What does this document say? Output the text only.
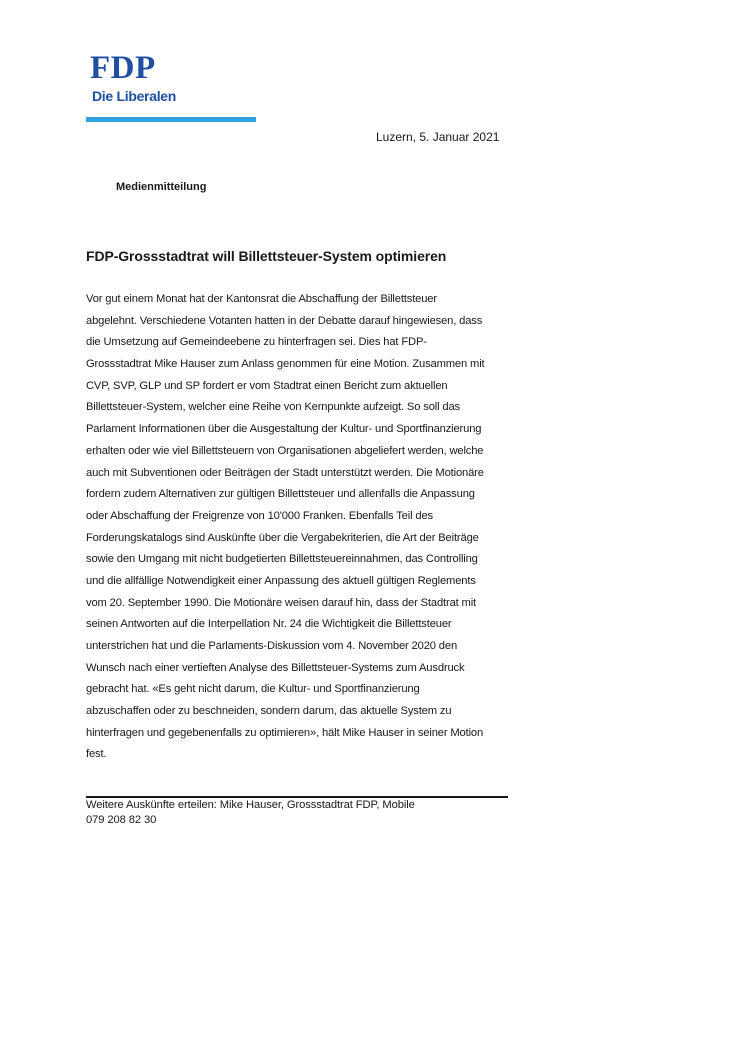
FDP
Die Liberalen
Luzern, 5. Januar 2021
Medienmitteilung
FDP-Grossstadtrat will Billettsteuer-System optimieren
Vor gut einem Monat hat der Kantonsrat die Abschaffung der Billettsteuer
abgelehnt. Verschiedene Votanten hatten in der Debatte darauf hingewiesen, dass
die Umsetzung auf Gemeindeebene zu hinterfragen sei. Dies hat FDP-
Grossstadtrat Mike Hauser zum Anlass genommen für eine Motion. Zusammen mit
CVP, SVP, GLP und SP fordert er vom Stadtrat einen Bericht zum aktuellen
Billettsteuer-System, welcher eine Reihe von Kernpunkte aufzeigt. So soll das
Parlament Informationen über die Ausgestaltung der Kultur- und Sportfinanzierung
erhalten oder wie viel Billettsteuern von Organisationen abgeliefert werden, welche
auch mit Subventionen oder Beiträgen der Stadt unterstützt werden. Die Motionäre
fordern zudem Alternativen zur gültigen Billettsteuer und allenfalls die Anpassung
oder Abschaffung der Freigrenze von 10'000 Franken. Ebenfalls Teil des
Forderungskatalogs sind Auskünfte über die Vergabekriterien, die Art der Beiträge
sowie den Umgang mit nicht budgetierten Billettsteuereinnahmen, das Controlling
und die allfällige Notwendigkeit einer Anpassung des aktuell gültigen Reglements
vom 20. September 1990. Die Motionäre weisen darauf hin, dass der Stadtrat mit
seinen Antworten auf die Interpellation Nr. 24 die Wichtigkeit die Billettsteuer
unterstrichen hat und die Parlaments-Diskussion vom 4. November 2020 den
Wunsch nach einer vertieften Analyse des Billettsteuer-Systems zum Ausdruck
gebracht hat. «Es geht nicht darum, die Kultur- und Sportfinanzierung
abzuschaffen oder zu beschneiden, sondern darum, das aktuelle System zu
hinterfragen und gegebenenfalls zu optimieren», hält Mike Hauser in seiner Motion
fest.
Weitere Auskünfte erteilen: Mike Hauser, Grossstadtrat FDP, Mobile
079 208 82 30
